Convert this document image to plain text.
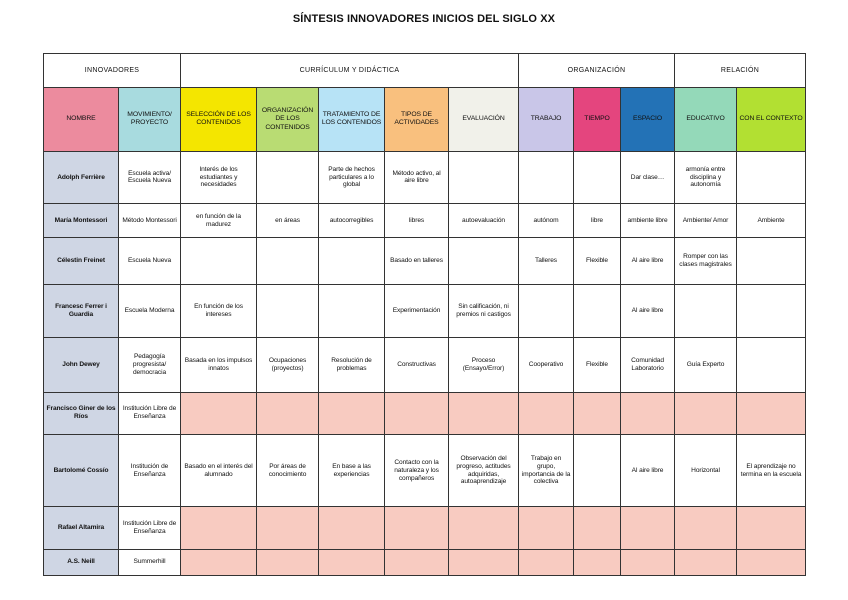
SÍNTESIS INNOVADORES INICIOS DEL SIGLO XX
INNOVADORES		CURRÍCULUM Y DIDÁCTICA					ORGANIZACIÓN			RELACIÓN	
NOMBRE	MOVIMIENTO/ PROYECTO	SELECCIÓN DE LOS CONTENIDOS	ORGANIZACIÓN DE LOS CONTENIDOS	TRATAMIENTO DE LOS CONTENIDOS	TIPOS DE ACTIVIDADES	EVALUACIÓN	TRABAJO	TIEMPO	ESPACIO	EDUCATIVO	CON EL CONTEXTO
Adolph Ferrière	Escuela activa/ Escuela Nueva	Interés de los estudiantes y necesidades		Parte de hechos particulares a lo global	Método activo, al aire libre				Dar clase…	armonía entre disciplina y autonomía	
María Montessori	Método Montessori	en función de la madurez	en áreas	autocorregibles	libres	autoevaluación	autónom	libre	ambiente libre	Ambiente/ Amor	Ambiente
Célestin Freinet	Escuela Nueva				Basado en talleres		Talleres	Flexible	Al aire libre	Romper con las clases magistrales	
Francesc Ferrer i Guardia	Escuela Moderna	En función de los intereses			Experimentación	Sin calificación, ni premios ni castigos			Al aire libre		
John Dewey	Pedagogía progresista/ democracia	Basada en los impulsos innatos	Ocupaciones (proyectos)	Resolución de problemas	Constructivas	Proceso (Ensayo/Error)	Cooperativo	Flexible	Comunidad Laboratorio	Guía Experto	
Francisco Giner de los Ríos	Institución Libre de Enseñanza										
Bartolomé Cossío	Institución de Enseñanza	Basado en el interés del alumnado	Por áreas de conocimiento	En base a las experiencias	Contacto con la naturaleza y los compañeros	Observación del progreso, actitudes adquiridas, autoaprendizaje	Trabajo en grupo, importancia de la colectiva		Al aire libre	Horizontal	El aprendizaje no termina en la escuela
Rafael Altamira	Institución Libre de Enseñanza										
A.S. Neill	Summerhill										
